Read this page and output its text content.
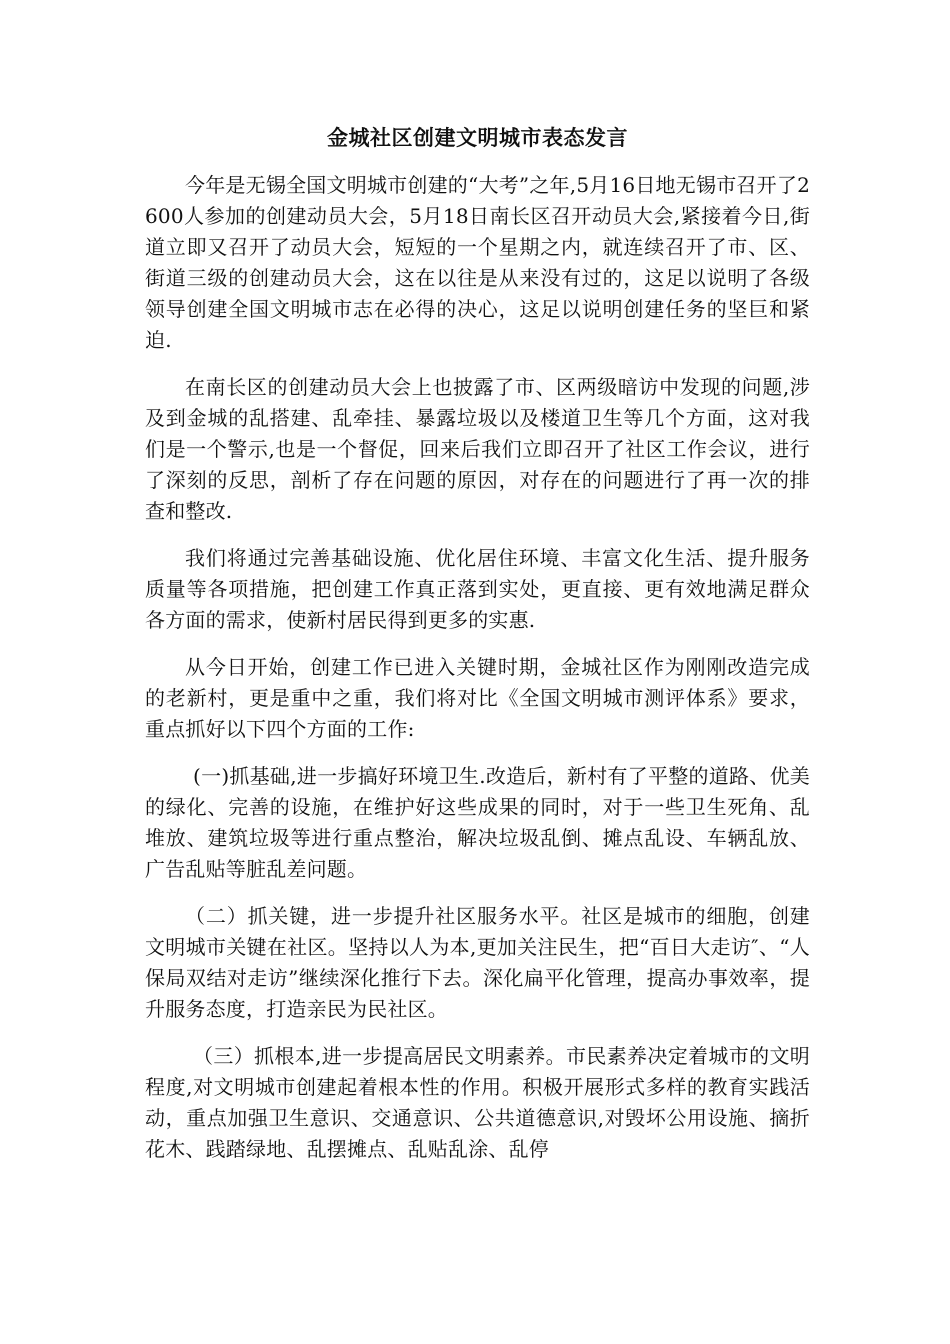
金城社区创建文明城市表态发言

今年是无锡全国文明城市创建的“大考”之年,5月16日地无锡市召开了2600人参加的创建动员大会，5月18日南长区召开动员大会,紧接着今日,街道立即又召开了动员大会，短短的一个星期之内，就连续召开了市、区、街道三级的创建动员大会，这在以往是从来没有过的，这足以说明了各级领导创建全国文明城市志在必得的决心，这足以说明创建任务的坚巨和紧迫.

在南长区的创建动员大会上也披露了市、区两级暗访中发现的问题,涉及到金城的乱搭建、乱牵挂、暴露垃圾以及楼道卫生等几个方面，这对我们是一个警示,也是一个督促，回来后我们立即召开了社区工作会议，进行了深刻的反思，剖析了存在问题的原因，对存在的问题进行了再一次的排查和整改.

我们将通过完善基础设施、优化居住环境、丰富文化生活、提升服务质量等各项措施，把创建工作真正落到实处，更直接、更有效地满足群众各方面的需求，使新村居民得到更多的实惠.

从今日开始，创建工作已进入关键时期，金城社区作为刚刚改造完成的老新村，更是重中之重，我们将对比《全国文明城市测评体系》要求，重点抓好以下四个方面的工作:

(一)抓基础,进一步搞好环境卫生.改造后，新村有了平整的道路、优美的绿化、完善的设施，在维护好这些成果的同时，对于一些卫生死角、乱堆放、建筑垃圾等进行重点整治，解决垃圾乱倒、摊点乱设、车辆乱放、广告乱贴等脏乱差问题。

（二）抓关键，进一步提升社区服务水平。社区是城市的细胞，创建文明城市关键在社区。坚持以人为本,更加关注民生，把“百日大走访″、“人保局双结对走访”继续深化推行下去。深化扁平化管理，提高办事效率，提升服务态度，打造亲民为民社区。

（三）抓根本,进一步提高居民文明素养。市民素养决定着城市的文明程度,对文明城市创建起着根本性的作用。积极开展形式多样的教育实践活动，重点加强卫生意识、交通意识、公共道德意识,对毁坏公用设施、摘折花木、践踏绿地、乱摆摊点、乱贴乱涂、乱停
